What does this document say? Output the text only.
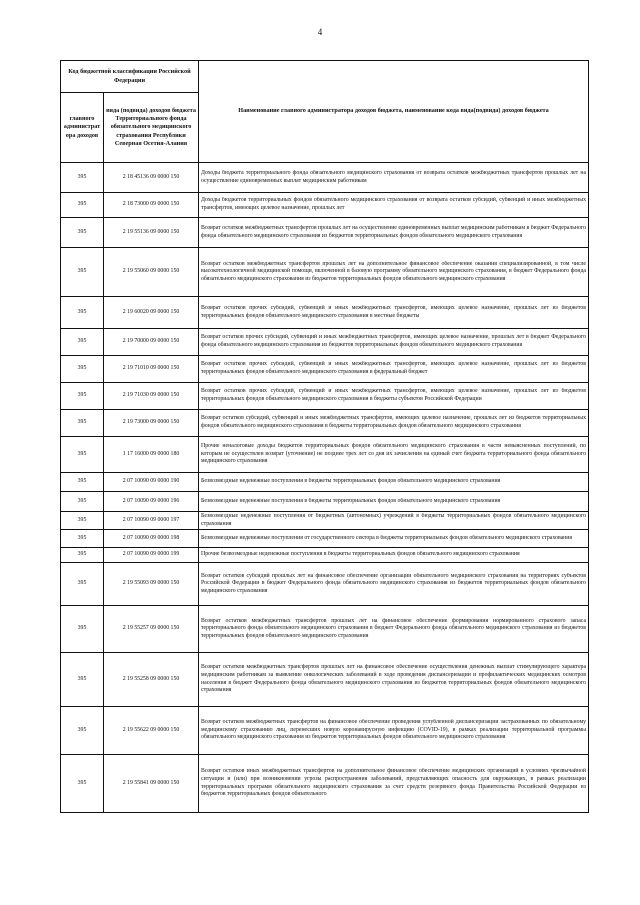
4
Код бюджетной классификации Российской Федерации		Наименование главного администратора доходов бюджета, наименование кода вида(подвида) доходов бюджета
главного администрат ора доходов	вида (подвида) доходов бюджета Территориального фонда обязательного медицинского страхования Республики Северная Осетия-Алания	

395	2 18 45136 09 0000 150	Доходы бюджета территориального фонда обязательного медицинского страхования от возврата остатков межбюджетных трансфертов прошлых лет на осуществление единовременных выплат медицинским работникам

395	2 18 73000 09 0000 150	Доходы бюджетов территориальных фондов обязательного медицинского страхования от возврата остатков субсидий, субвенций и иных межбюджетных трансфертов, имеющих целевое назначение, прошлых лет

395	2 19 55136 09 0000 150	Возврат остатков межбюджетных трансфертов прошлых лет на осуществление единовременных выплат медицинским работникам в бюджет Федерального фонда обязательного медицинского страхования из бюджетов территориальных фондов обязательного медицинского страхования

395	2 19 55060 09 0000 150	Возврат остатков межбюджетных трансфертов прошлых лет на дополнительное финансовое обеспечение оказания специализированной, в том числе высокотехнологичной медицинской помощи, включенной в базовую программу обязательного медицинского страхования, в бюджет Федерального фонда обязательного медицинского страхования из бюджетов территориальных фондов обязательного медицинского страхования

395	2 19 60020 09 0000 150	Возврат остатков прочих субсидий, субвенций и иных межбюджетных трансфертов, имеющих целевое назначение, прошлых лет из бюджетов территориальных фондов обязательного медицинского страхования в местные бюджеты

395	2 19 70000 09 0000 150	Возврат остатков прочих субсидий, субвенций и иных межбюджетных трансфертов, имеющих целевое назначение, прошлых лет в бюджет Федерального фонда обязательного медицинского страхования из бюджетов территориальных фондов обязательного медицинского страхования

395	2 19 71010 09 0000 150	Возврат остатков прочих субсидий, субвенций и иных межбюджетных трансфертов, имеющих целевое назначение, прошлых лет из бюджетов территориальных фондов обязательного медицинского страхования в федеральный бюджет

395	2 19 71030 09 0000 150	Возврат остатков прочих субсидий, субвенций и иных межбюджетных трансфертов, имеющих целевое назначение, прошлых лет из бюджетов территориальных фондов обязательного медицинского страхования в бюджеты субъектов Российской Федерации

395	2 19 73000 09 0000 150	Возврат остатков субсидий, субвенций и иных межбюджетных трансфертов, имеющих целевое назначение, прошлых лет из бюджетов территориальных фондов обязательного медицинского страхования в бюджеты территориальных фондов обязательного медицинского страхования

395	1 17 16000 09 0000 180	Прочие неналоговые доходы бюджетов территориальных фондов обязательного медицинского страхования в части невыясненных поступлений, по которым не осуществлен возврат (уточнение) не позднее трех лет со дня их зачисления на единый счет бюджета территориального фонда обязательного медицинского страхования

395	2 07 10090 09 0000 190	Безвозмездные неденежные поступления в бюджеты территориальных фондов обязательного медицинского страхования

395	2 07 10090 09 0000 196	Безвозмездные неденежные поступления в бюджеты территориальных фондов обязательного медицинского страхования

395	2 07 10090 09 0000 197	Безвозмездные неденежные поступления от бюджетных (автономных) учреждений в бюджеты территориальных фондов обязательного медицинского страхования

395	2 07 10090 09 0000 198	Безвозмездные неденежные поступления от государственного сектора в бюджеты территориальных фондов обязательного медицинского страхования

395	2 07 10090 09 0000 199	Прочие безвозмездные неденежные поступления в бюджеты территориальных фондов обязательного медицинского страхования

395	2 19 55093 09 0000 150	Возврат остатков субсидий прошлых лет на финансовое обеспечение организации обязательного медицинского страхования на территориях субъектов Российской Федерации в бюджет Федерального фонда обязательного медицинского страхования из бюджетов территориальных фондов обязательного медицинского страхования

395	2 19 55257 09 0000 150	Возврат остатков межбюджетных трансфертов прошлых лет на финансовое обеспечение формирования нормированного страхового запаса территориального фонда обязательного медицинского страхования в бюджет Федерального фонда обязательного медицинского страхования из бюджетов территориальных фондов обязательного медицинского страхования

395	2 19 55258 09 0000 150	Возврат остатков межбюджетных трансфертов прошлых лет на финансовое обеспечение осуществления денежных выплат стимулирующего характера медицинским работникам за выявление онкологических заболеваний в ходе проведения диспансеризации и профилактических медицинских осмотров населения в бюджет Федерального фонда обязательного медицинского страхования из бюджетов территориальных фондов обязательного медицинского страхования

395	2 19 55622 09 0000 150	Возврат остатков межбюджетных трансфертов на финансовое обеспечение проведения углубленной диспансеризации застрахованных по обязательному медицинскому страхованию лиц, перенесших новую коронавирусную инфекцию (COVID-19), в рамках реализации территориальной программы обязательного медицинского страхования из бюджетов территориальных фондов обязательного медицинского страхования

395	2 19 55841 09 0000 150	Возврат остатков иных межбюджетных трансфертов на дополнительное финансовое обеспечение медицинских организаций в условиях чрезвычайной ситуации и (или) при возникновении угрозы распространения заболеваний, представляющих опасность для окружающих, в рамках реализации территориальных программ обязательного медицинского страхования за счет средств резервного фонда Правительства Российской Федерации из бюджетов территориальных фондов обязательного
